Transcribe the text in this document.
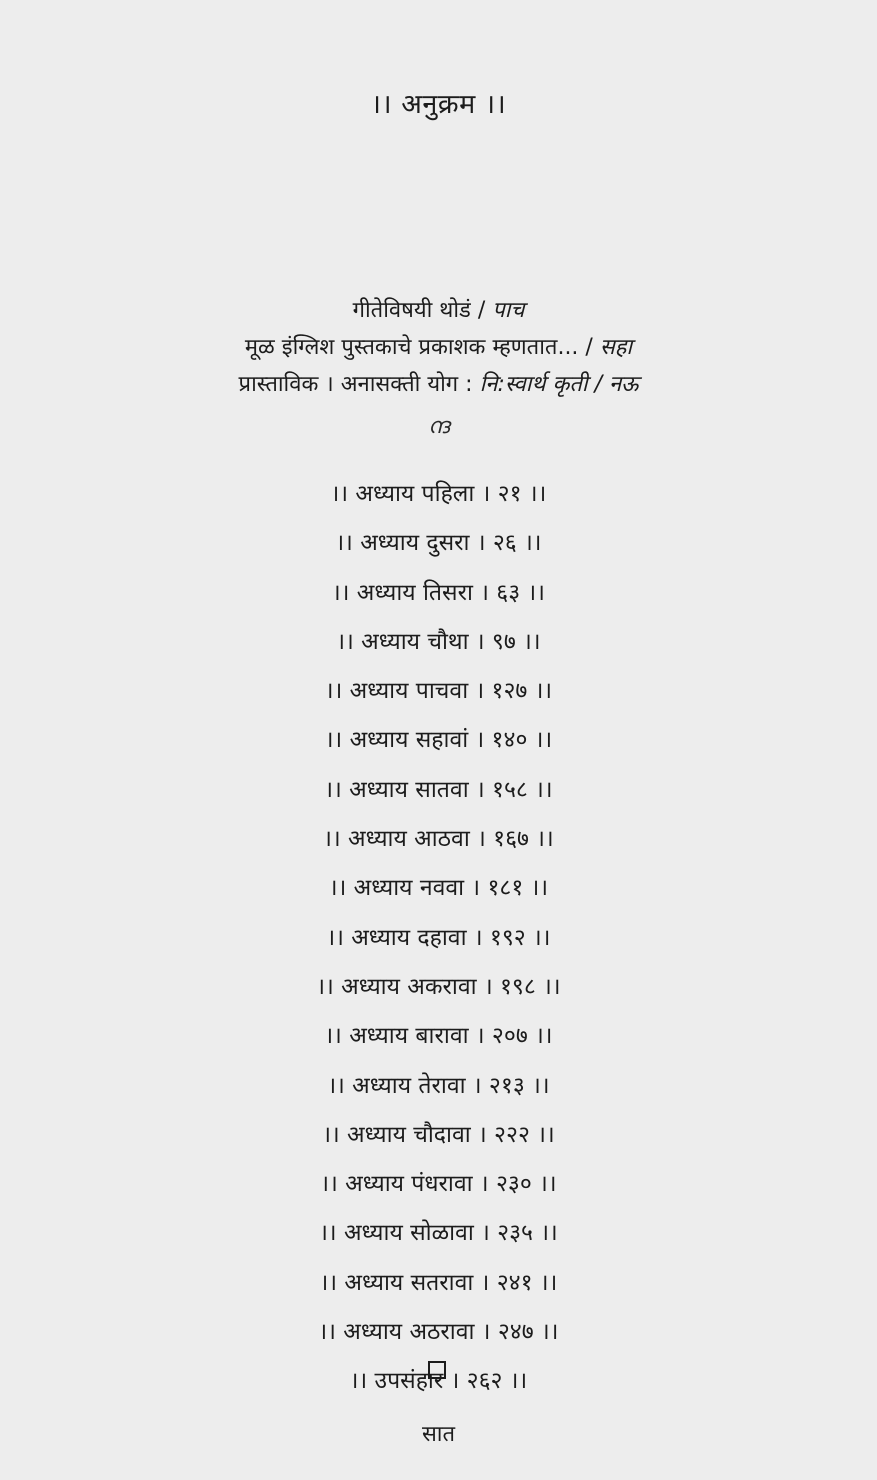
।। अनुक्रम ।।
गीतेविषयी थोडं / पाच
मूळ इंग्लिश पुस्तकाचे प्रकाशक म्हणतात... / सहा
प्रास्ताविक । अनासक्ती योग : नि:स्वार्थ कृती / नऊ
ന്ദ
।। अध्याय पहिला । २१ ।।
।। अध्याय दुसरा । २६ ।।
।। अध्याय तिसरा । ६३ ।।
।। अध्याय चौथा । ९७ ।।
।। अध्याय पाचवा । १२७ ।।
।। अध्याय सहावां । १४० ।।
।। अध्याय सातवा । १५८ ।।
।। अध्याय आठवा । १६७ ।।
।। अध्याय नववा । १८१ ।।
।। अध्याय दहावा । १९२ ।।
।। अध्याय अकरावा । १९८ ।।
।। अध्याय बारावा । २०७ ।।
।। अध्याय तेरावा । २१३ ।।
।। अध्याय चौदावा । २२२ ।।
।। अध्याय पंधरावा । २३० ।।
।। अध्याय सोळावा । २३५ ।।
।। अध्याय सतरावा । २४१ ।।
।। अध्याय अठरावा । २४७ ।।
।। उपसंहार । २६२ ।।
सात
